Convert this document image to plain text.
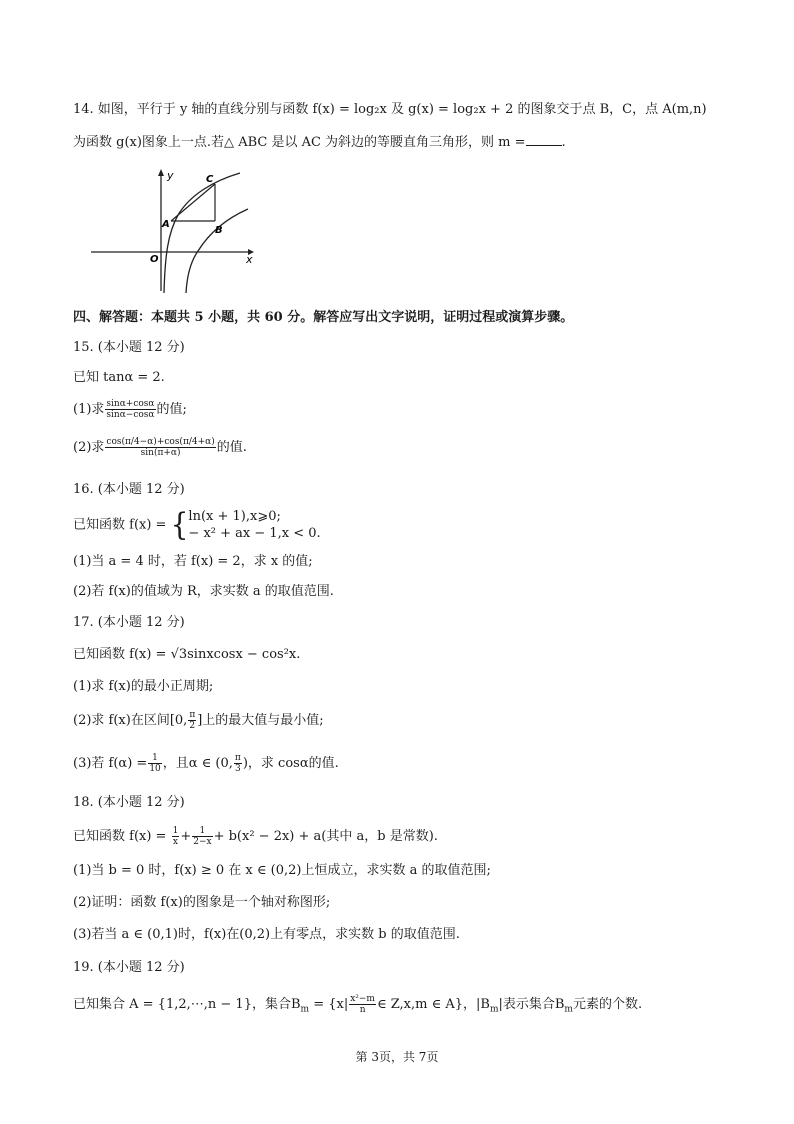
14. 如图，平行于 y 轴的直线分别与函数 f(x) = log₂x 及 g(x) = log₂x + 2 的图象交于点 B，C，点 A(m,n)
为函数 g(x)图象上一点.若△ ABC 是以 AC 为斜边的等腰直角三角形，则 m =	.
y
x
O
A
B
C
四、解答题：本题共 5 小题，共 60 分。解答应写出文字说明，证明过程或演算步骤。
15. (本小题 12 分)
已知 tanα = 2.
(1)求 $\frac{\sin\alpha+\cos\alpha}{\sin\alpha-\cos\alpha}$ 的值;
(2)求 $\frac{\cos(\pi/4-\alpha)+\cos(\pi/4+\alpha)}{\sin(\pi+\alpha)}$ 的值.
16. (本小题 12 分)
已知函数 f(x) = { ln(x + 1),x⩾0;
− x² + ax − 1,x < 0.
(1)当 a = 4 时，若 f(x) = 2，求 x 的值;
(2)若 f(x)的值域为 R，求实数 a 的取值范围.
17. (本小题 12 分)
已知函数 f(x) = √3sinxcosx − cos²x.
(1)求 f(x)的最小正周期;
(2)求 f(x)在区间[0, $\frac{\pi}{2}$ ]上的最大值与最小值;
(3)若 $f(\alpha) = \frac{1}{10}$ ，且α ∈ (0, $\frac{\pi}{3}$ )，求 cosα的值.
18. (本小题 12 分)
已知函数 $f(x) = \frac{1}{x} + \frac{1}{2-x} + b(x^2 - 2x) + a$(其中 a，b 是常数).
(1)当 b = 0 时，f(x) ≥ 0 在 x ∈ (0,2)上恒成立，求实数 a 的取值范围;
(2)证明：函数 f(x)的图象是一个轴对称图形;
(3)若当 a ∈ (0,1)时，f(x)在(0,2)上有零点，求实数 b 的取值范围.
19. (本小题 12 分)
已知集合 A = {1,2,⋯,n − 1}，集合$B_m = \{x| \frac{\text{x²−m}}{n}$ ∈ Z,x,m ∈ A}，$|B_m|$表示集合$B_m$元素的个数.
第 3页，共 7页
